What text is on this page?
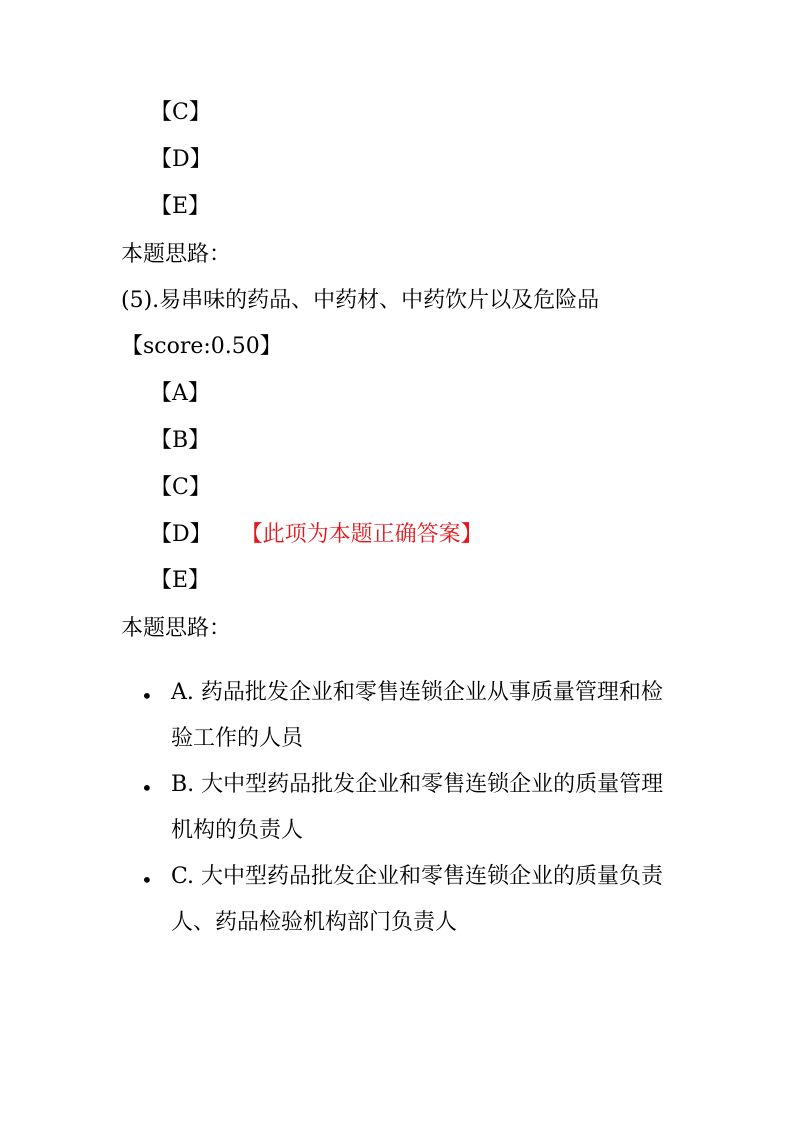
【C】
【D】
【E】
本题思路：
(5).易串味的药品、中药材、中药饮片以及危险品
【score:0.50】
【A】
【B】
【C】
【D】 【此项为本题正确答案】
【E】
本题思路：
• A. 药品批发企业和零售连锁企业从事质量管理和检验工作的人员
• B. 大中型药品批发企业和零售连锁企业的质量管理机构的负责人
• C. 大中型药品批发企业和零售连锁企业的质量负责人、药品检验机构部门负责人
